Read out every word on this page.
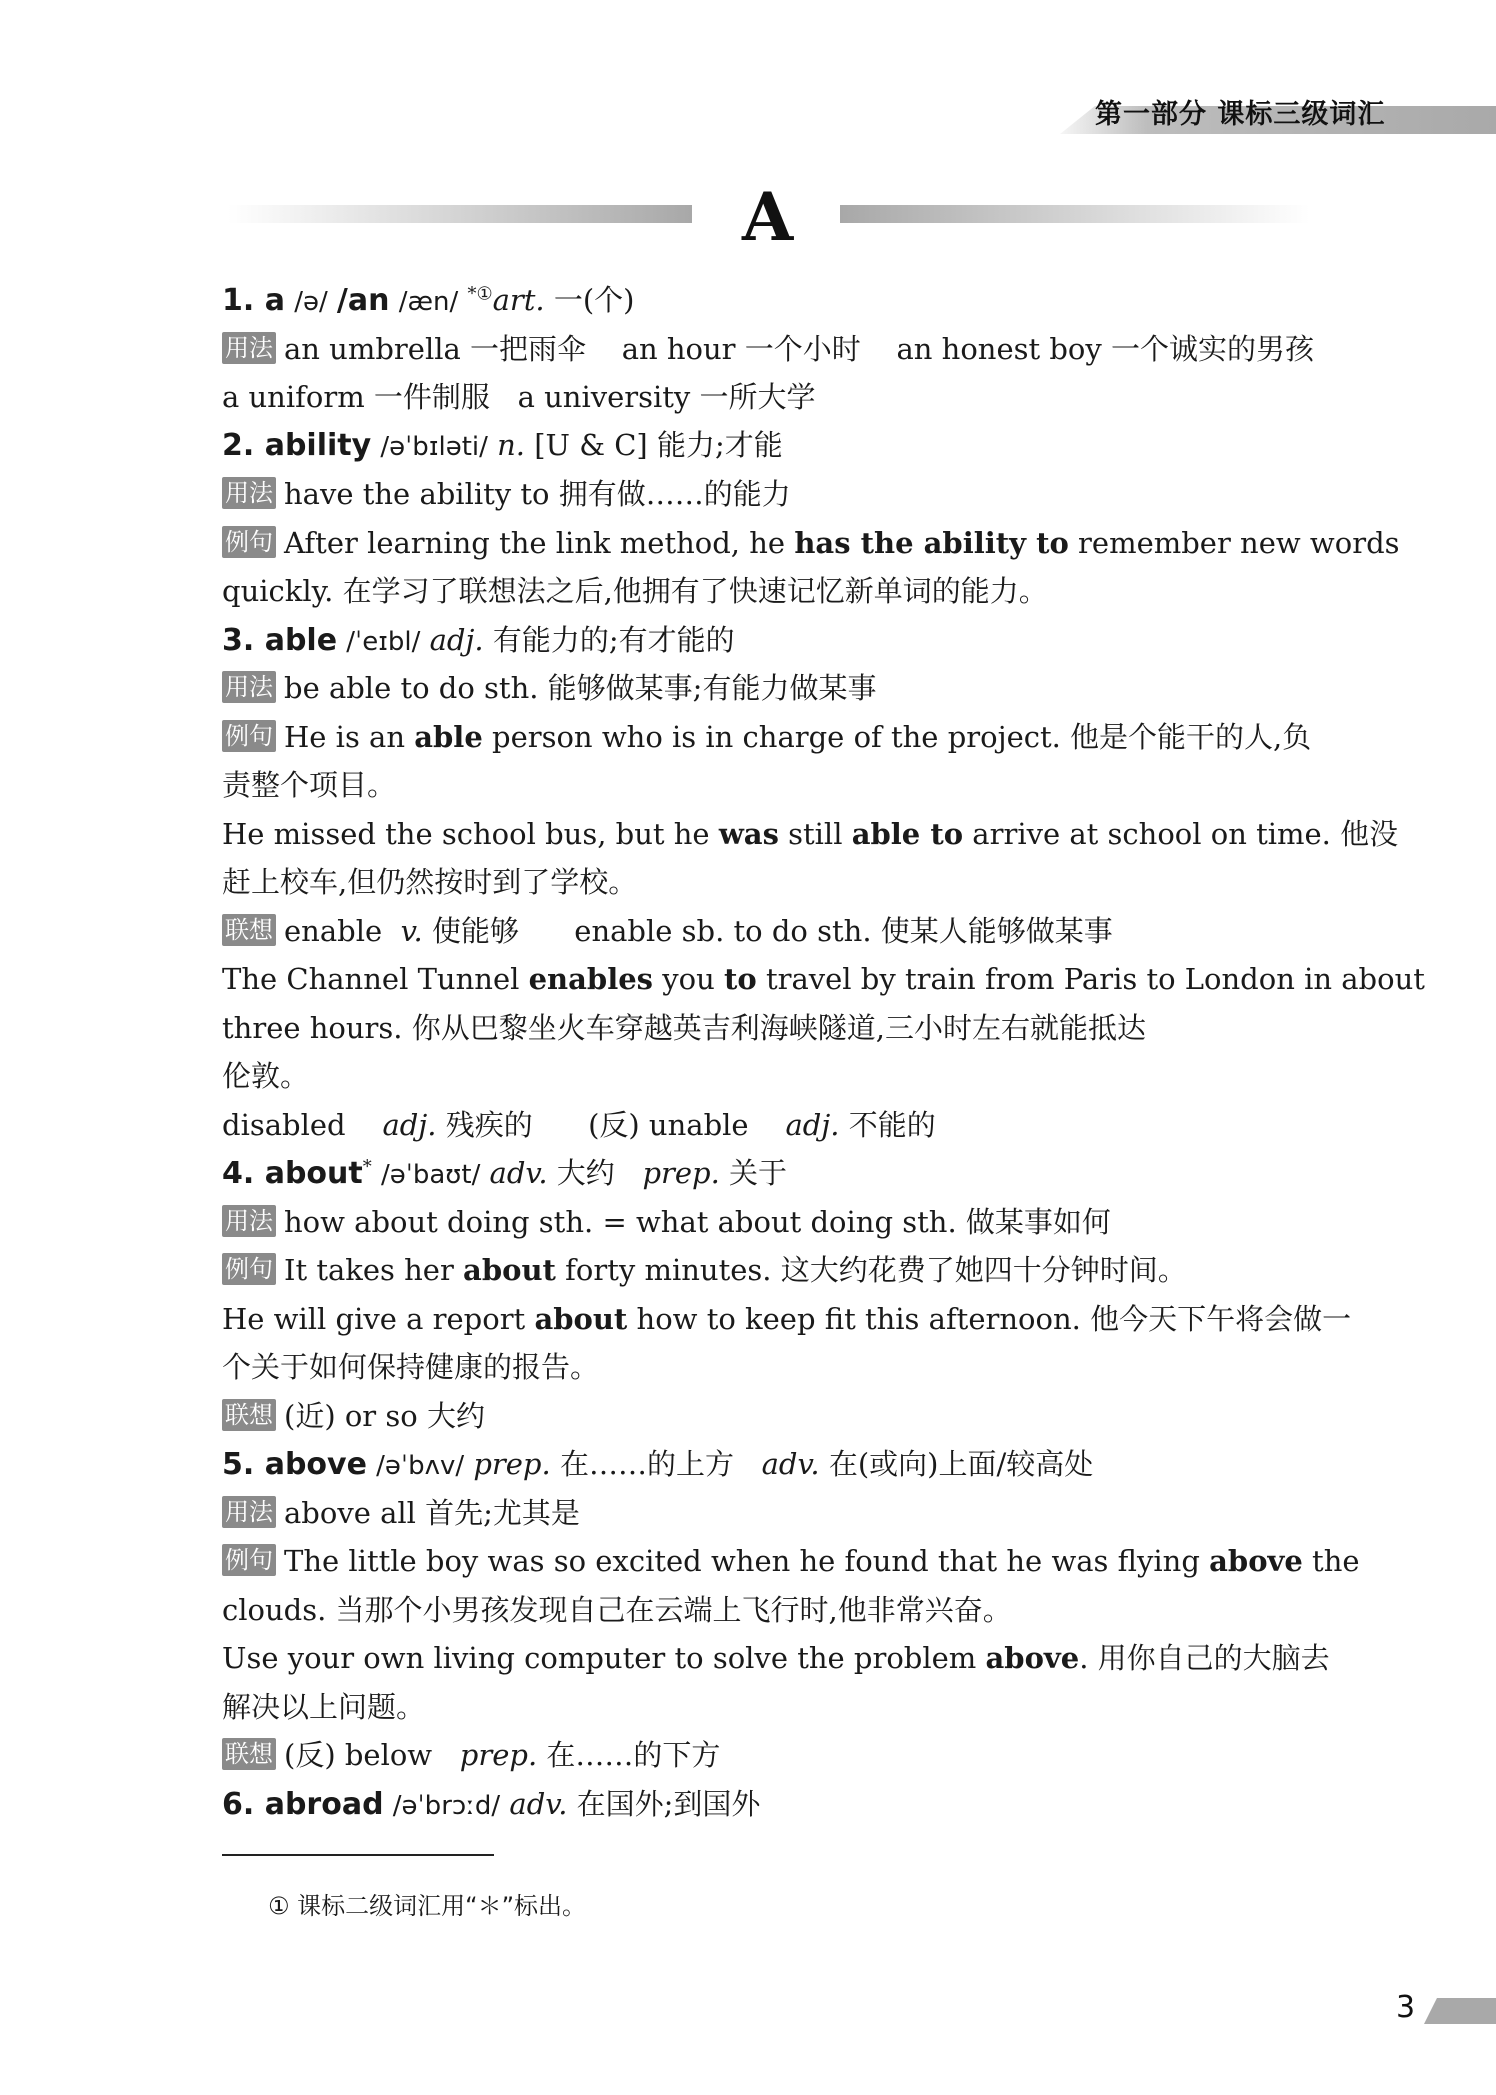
第一部分 课标三级词汇
A
1. a /ə/ /an /æn/ *①art. 一(个)
用法 an umbrella 一把雨伞 an hour 一个小时 an honest boy 一个诚实的男孩
a uniform 一件制服 a university 一所大学
2. ability /əˈbɪləti/ n. [U & C] 能力;才能
用法 have the ability to 拥有做……的能力
例句 After learning the link method, he has the ability to remember new words
quickly. 在学习了联想法之后,他拥有了快速记忆新单词的能力。
3. able /ˈeɪbl/ adj. 有能力的;有才能的
用法 be able to do sth. 能够做某事;有能力做某事
例句 He is an able person who is in charge of the project. 他是个能干的人,负
责整个项目。
He missed the school bus, but he was still able to arrive at school on time. 他没
赶上校车,但仍然按时到了学校。
联想 enable v. 使能够 enable sb. to do sth. 使某人能够做某事
The Channel Tunnel enables you to travel by train from Paris to London in about
three hours. 你从巴黎坐火车穿越英吉利海峡隧道,三小时左右就能抵达
伦敦。
disabled adj. 残疾的 (反) unable adj. 不能的
4. about* /əˈbaʊt/ adv. 大约 prep. 关于
用法 how about doing sth. = what about doing sth. 做某事如何
例句 It takes her about forty minutes. 这大约花费了她四十分钟时间。
He will give a report about how to keep fit this afternoon. 他今天下午将会做一
个关于如何保持健康的报告。
联想 (近) or so 大约
5. above /əˈbʌv/ prep. 在……的上方 adv. 在(或向)上面/较高处
用法 above all 首先;尤其是
例句 The little boy was so excited when he found that he was flying above the
clouds. 当那个小男孩发现自己在云端上飞行时,他非常兴奋。
Use your own living computer to solve the problem above. 用你自己的大脑去
解决以上问题。
联想 (反) below prep. 在……的下方
6. abroad /əˈbrɔːd/ adv. 在国外;到国外
① 课标二级词汇用“＊”标出。
3
